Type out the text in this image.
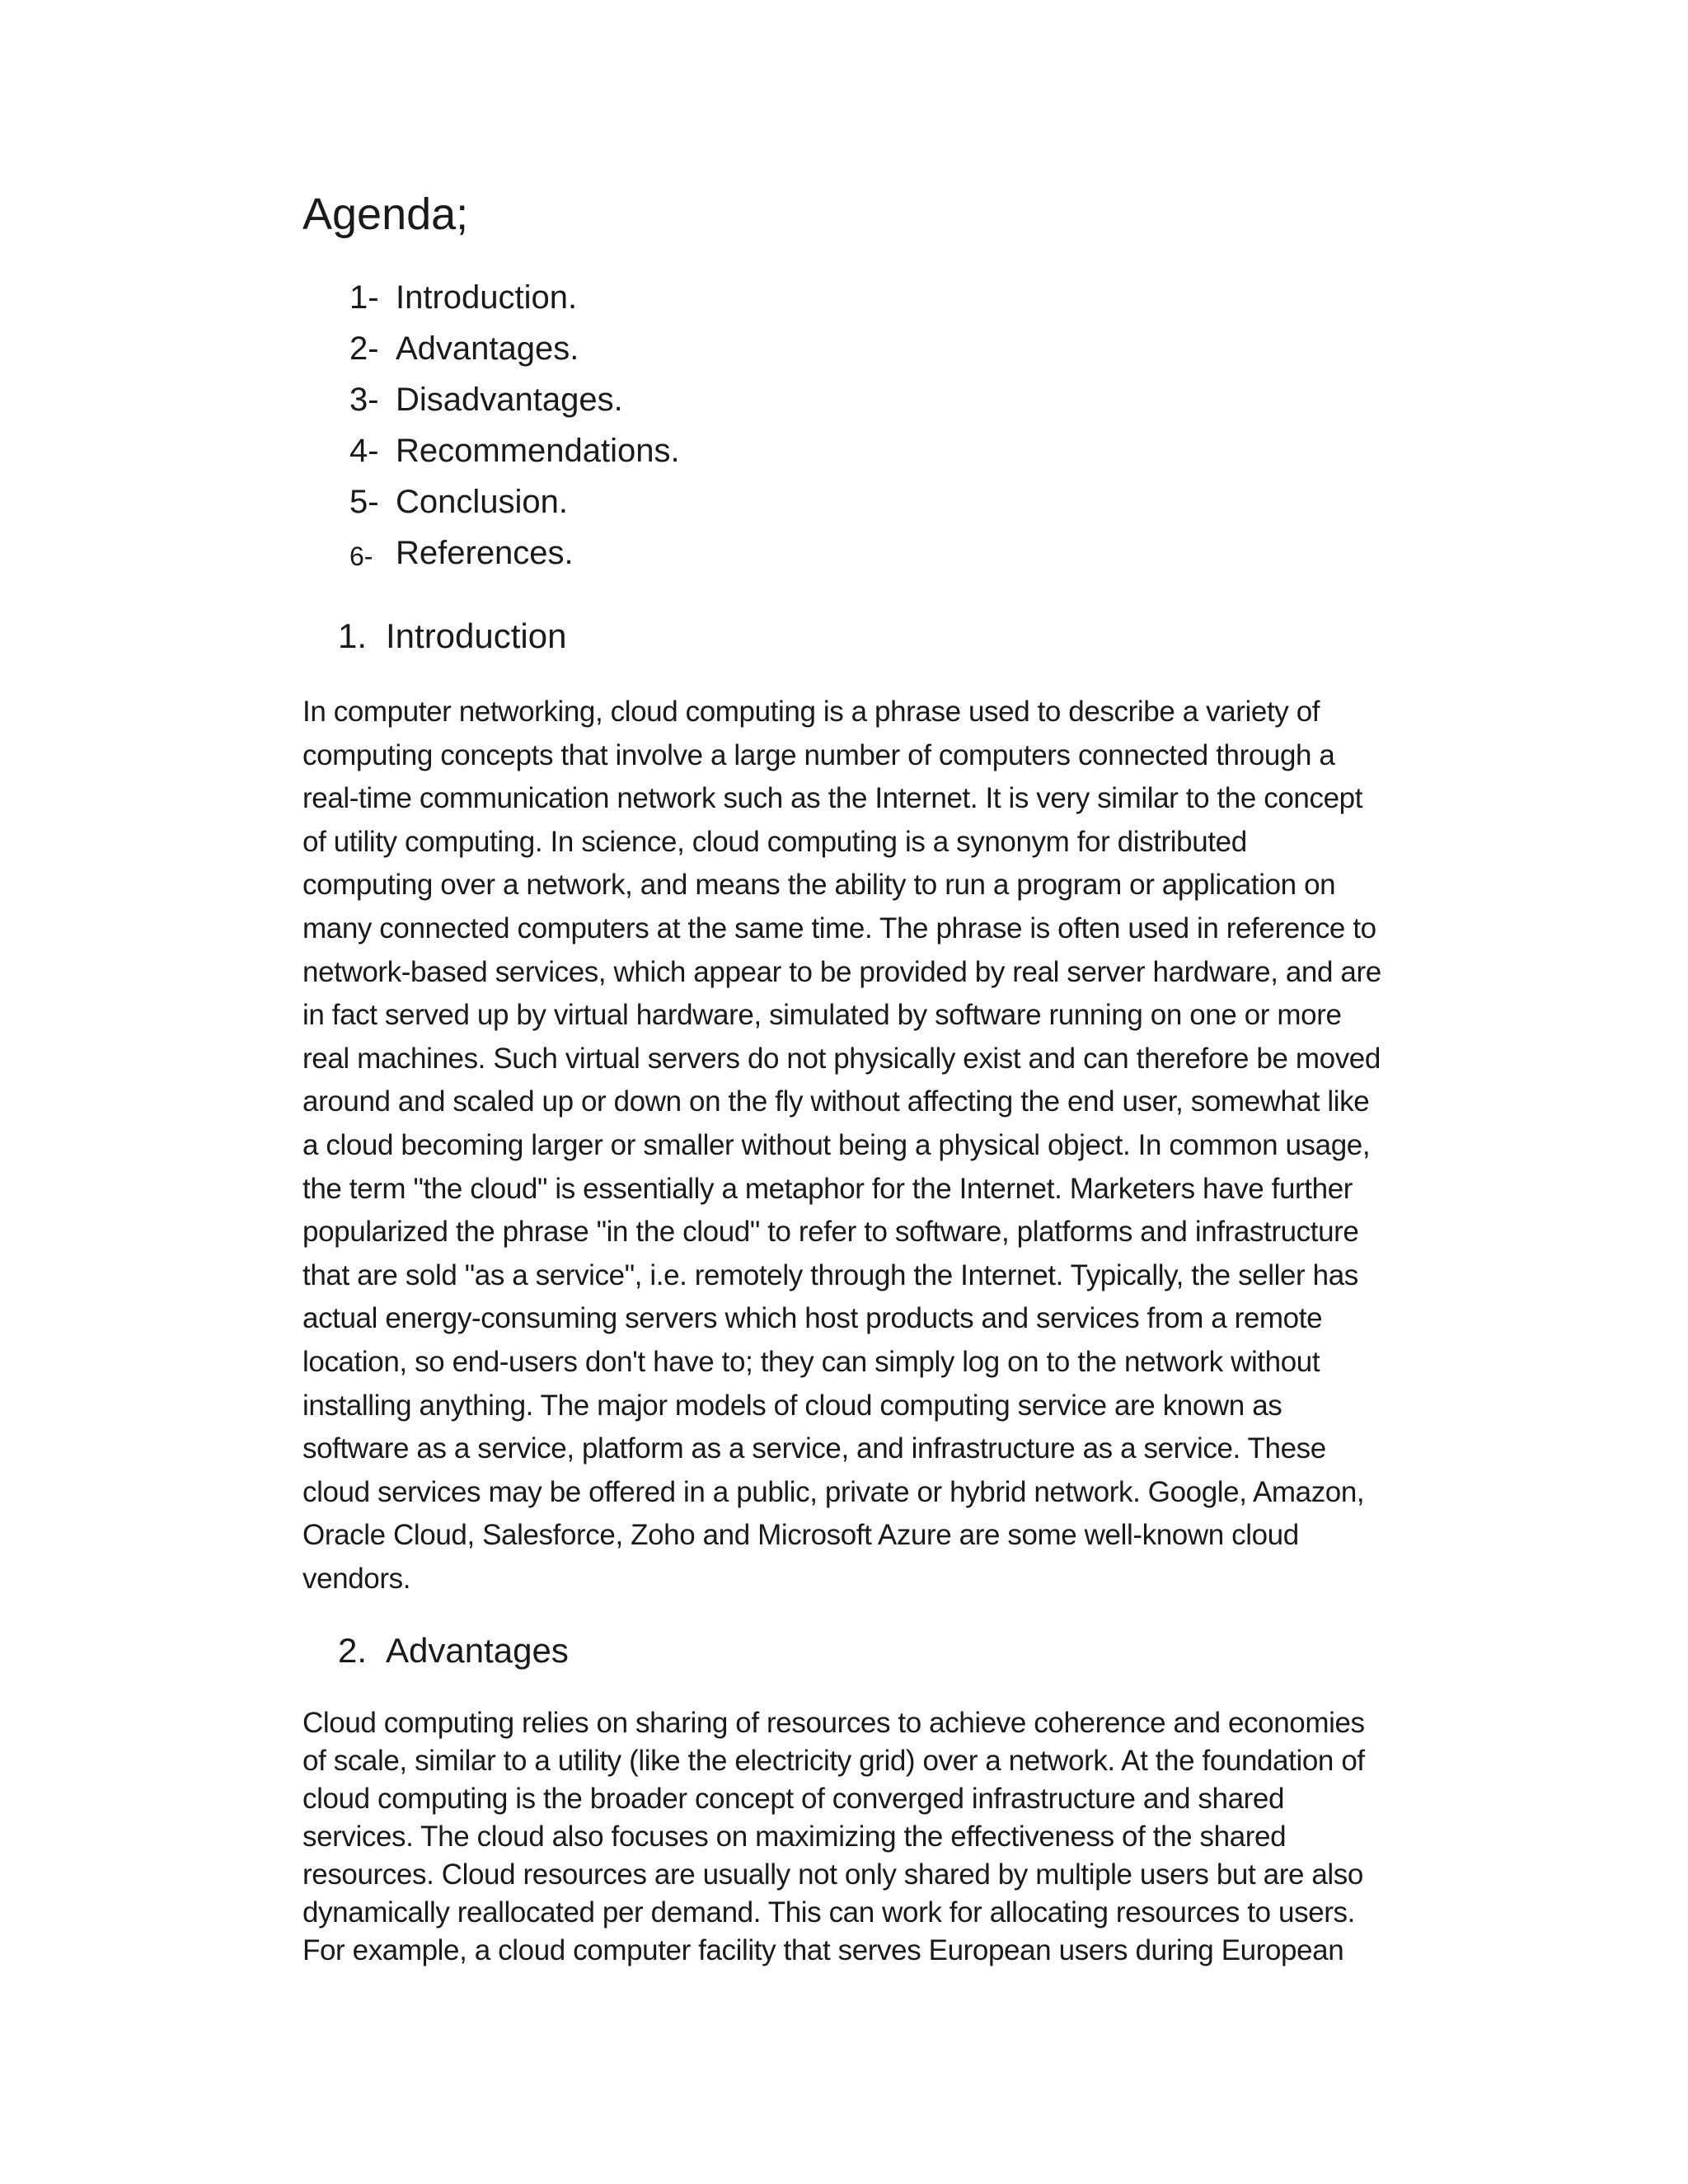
Agenda;
1- Introduction.
2- Advantages.
3- Disadvantages.
4- Recommendations.
5- Conclusion.
6- References.
1. Introduction

In computer networking, cloud computing is a phrase used to describe a variety of computing concepts that involve a large number of computers connected through a real-time communication network such as the Internet. It is very similar to the concept of utility computing. In science, cloud computing is a synonym for distributed computing over a network, and means the ability to run a program or application on many connected computers at the same time. The phrase is often used in reference to network-based services, which appear to be provided by real server hardware, and are in fact served up by virtual hardware, simulated by software running on one or more real machines. Such virtual servers do not physically exist and can therefore be moved around and scaled up or down on the fly without affecting the end user, somewhat like a cloud becoming larger or smaller without being a physical object. In common usage, the term "the cloud" is essentially a metaphor for the Internet. Marketers have further popularized the phrase "in the cloud" to refer to software, platforms and infrastructure that are sold "as a service", i.e. remotely through the Internet. Typically, the seller has actual energy-consuming servers which host products and services from a remote location, so end-users don't have to; they can simply log on to the network without installing anything. The major models of cloud computing service are known as software as a service, platform as a service, and infrastructure as a service. These cloud services may be offered in a public, private or hybrid network. Google, Amazon, Oracle Cloud, Salesforce, Zoho and Microsoft Azure are some well-known cloud vendors.

2. Advantages

Cloud computing relies on sharing of resources to achieve coherence and economies of scale, similar to a utility (like the electricity grid) over a network. At the foundation of cloud computing is the broader concept of converged infrastructure and shared services. The cloud also focuses on maximizing the effectiveness of the shared resources. Cloud resources are usually not only shared by multiple users but are also dynamically reallocated per demand. This can work for allocating resources to users. For example, a cloud computer facility that serves European users during European
